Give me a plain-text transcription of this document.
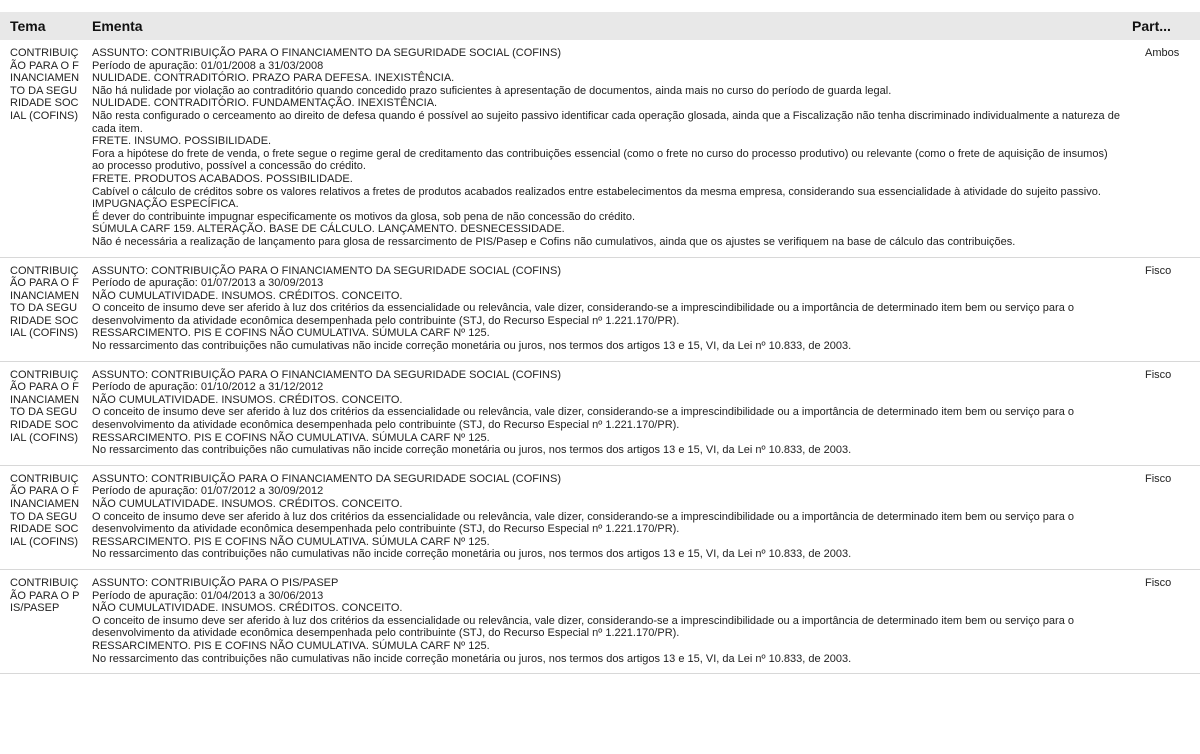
Tema	Ementa	Part...
CONTRIBUIÇÃO PARA O FINANCIAMENTO DA SEGURIDADE SOCIAL (COFINS)
ASSUNTO: CONTRIBUIÇÃO PARA O FINANCIAMENTO DA SEGURIDADE SOCIAL (COFINS)
Período de apuração: 01/01/2008 a 31/03/2008
NULIDADE. CONTRADITÓRIO. PRAZO PARA DEFESA. INEXISTÊNCIA.
Não há nulidade por violação ao contraditório quando concedido prazo suficientes à apresentação de documentos, ainda mais no curso do período de guarda legal.
NULIDADE. CONTRADITÓRIO. FUNDAMENTAÇÃO. INEXISTÊNCIA.
Não resta configurado o cerceamento ao direito de defesa quando é possível ao sujeito passivo identificar cada operação glosada, ainda que a Fiscalização não tenha discriminado individualmente a natureza de cada item.
FRETE. INSUMO. POSSIBILIDADE.
Fora a hipótese do frete de venda, o frete segue o regime geral de creditamento das contribuições essencial (como o frete no curso do processo produtivo) ou relevante (como o frete de aquisição de insumos) ao processo produtivo, possível a concessão do crédito.
FRETE. PRODUTOS ACABADOS. POSSIBILIDADE.
Cabível o cálculo de créditos sobre os valores relativos a fretes de produtos acabados realizados entre estabelecimentos da mesma empresa, considerando sua essencialidade à atividade do sujeito passivo.
IMPUGNAÇÃO ESPECÍFICA.
É dever do contribuinte impugnar especificamente os motivos da glosa, sob pena de não concessão do crédito.
SÚMULA CARF 159. ALTERAÇÃO. BASE DE CÁLCULO. LANÇAMENTO. DESNECESSIDADE.
Não é necessária a realização de lançamento para glosa de ressarcimento de PIS/Pasep e Cofins não cumulativos, ainda que os ajustes se verifiquem na base de cálculo das contribuições.
Ambos
CONTRIBUIÇÃO PARA O FINANCIAMENTO DA SEGURIDADE SOCIAL (COFINS)
ASSUNTO: CONTRIBUIÇÃO PARA O FINANCIAMENTO DA SEGURIDADE SOCIAL (COFINS)
Período de apuração: 01/07/2013 a 30/09/2013
NÃO CUMULATIVIDADE. INSUMOS. CRÉDITOS. CONCEITO.
O conceito de insumo deve ser aferido à luz dos critérios da essencialidade ou relevância, vale dizer, considerando-se a imprescindibilidade ou a importância de determinado item bem ou serviço para o desenvolvimento da atividade econômica desempenhada pelo contribuinte (STJ, do Recurso Especial nº 1.221.170/PR).
RESSARCIMENTO. PIS E COFINS NÃO CUMULATIVA. SÚMULA CARF Nº 125.
No ressarcimento das contribuições não cumulativas não incide correção monetária ou juros, nos termos dos artigos 13 e 15, VI, da Lei nº 10.833, de 2003.
Fisco
CONTRIBUIÇÃO PARA O FINANCIAMENTO DA SEGURIDADE SOCIAL (COFINS)
ASSUNTO: CONTRIBUIÇÃO PARA O FINANCIAMENTO DA SEGURIDADE SOCIAL (COFINS)
Período de apuração: 01/10/2012 a 31/12/2012
NÃO CUMULATIVIDADE. INSUMOS. CRÉDITOS. CONCEITO.
O conceito de insumo deve ser aferido à luz dos critérios da essencialidade ou relevância, vale dizer, considerando-se a imprescindibilidade ou a importância de determinado item bem ou serviço para o desenvolvimento da atividade econômica desempenhada pelo contribuinte (STJ, do Recurso Especial nº 1.221.170/PR).
RESSARCIMENTO. PIS E COFINS NÃO CUMULATIVA. SÚMULA CARF Nº 125.
No ressarcimento das contribuições não cumulativas não incide correção monetária ou juros, nos termos dos artigos 13 e 15, VI, da Lei nº 10.833, de 2003.
Fisco
CONTRIBUIÇÃO PARA O FINANCIAMENTO DA SEGURIDADE SOCIAL (COFINS)
ASSUNTO: CONTRIBUIÇÃO PARA O FINANCIAMENTO DA SEGURIDADE SOCIAL (COFINS)
Período de apuração: 01/07/2012 a 30/09/2012
NÃO CUMULATIVIDADE. INSUMOS. CRÉDITOS. CONCEITO.
O conceito de insumo deve ser aferido à luz dos critérios da essencialidade ou relevância, vale dizer, considerando-se a imprescindibilidade ou a importância de determinado item bem ou serviço para o desenvolvimento da atividade econômica desempenhada pelo contribuinte (STJ, do Recurso Especial nº 1.221.170/PR).
RESSARCIMENTO. PIS E COFINS NÃO CUMULATIVA. SÚMULA CARF Nº 125.
No ressarcimento das contribuições não cumulativas não incide correção monetária ou juros, nos termos dos artigos 13 e 15, VI, da Lei nº 10.833, de 2003.
Fisco
CONTRIBUIÇÃO PARA O PIS/PASEP
ASSUNTO: CONTRIBUIÇÃO PARA O PIS/PASEP
Período de apuração: 01/04/2013 a 30/06/2013
NÃO CUMULATIVIDADE. INSUMOS. CRÉDITOS. CONCEITO.
O conceito de insumo deve ser aferido à luz dos critérios da essencialidade ou relevância, vale dizer, considerando-se a imprescindibilidade ou a importância de determinado item bem ou serviço para o desenvolvimento da atividade econômica desempenhada pelo contribuinte (STJ, do Recurso Especial nº 1.221.170/PR).
RESSARCIMENTO. PIS E COFINS NÃO CUMULATIVA. SÚMULA CARF Nº 125.
No ressarcimento das contribuições não cumulativas não incide correção monetária ou juros, nos termos dos artigos 13 e 15, VI, da Lei nº 10.833, de 2003.
Fisco
